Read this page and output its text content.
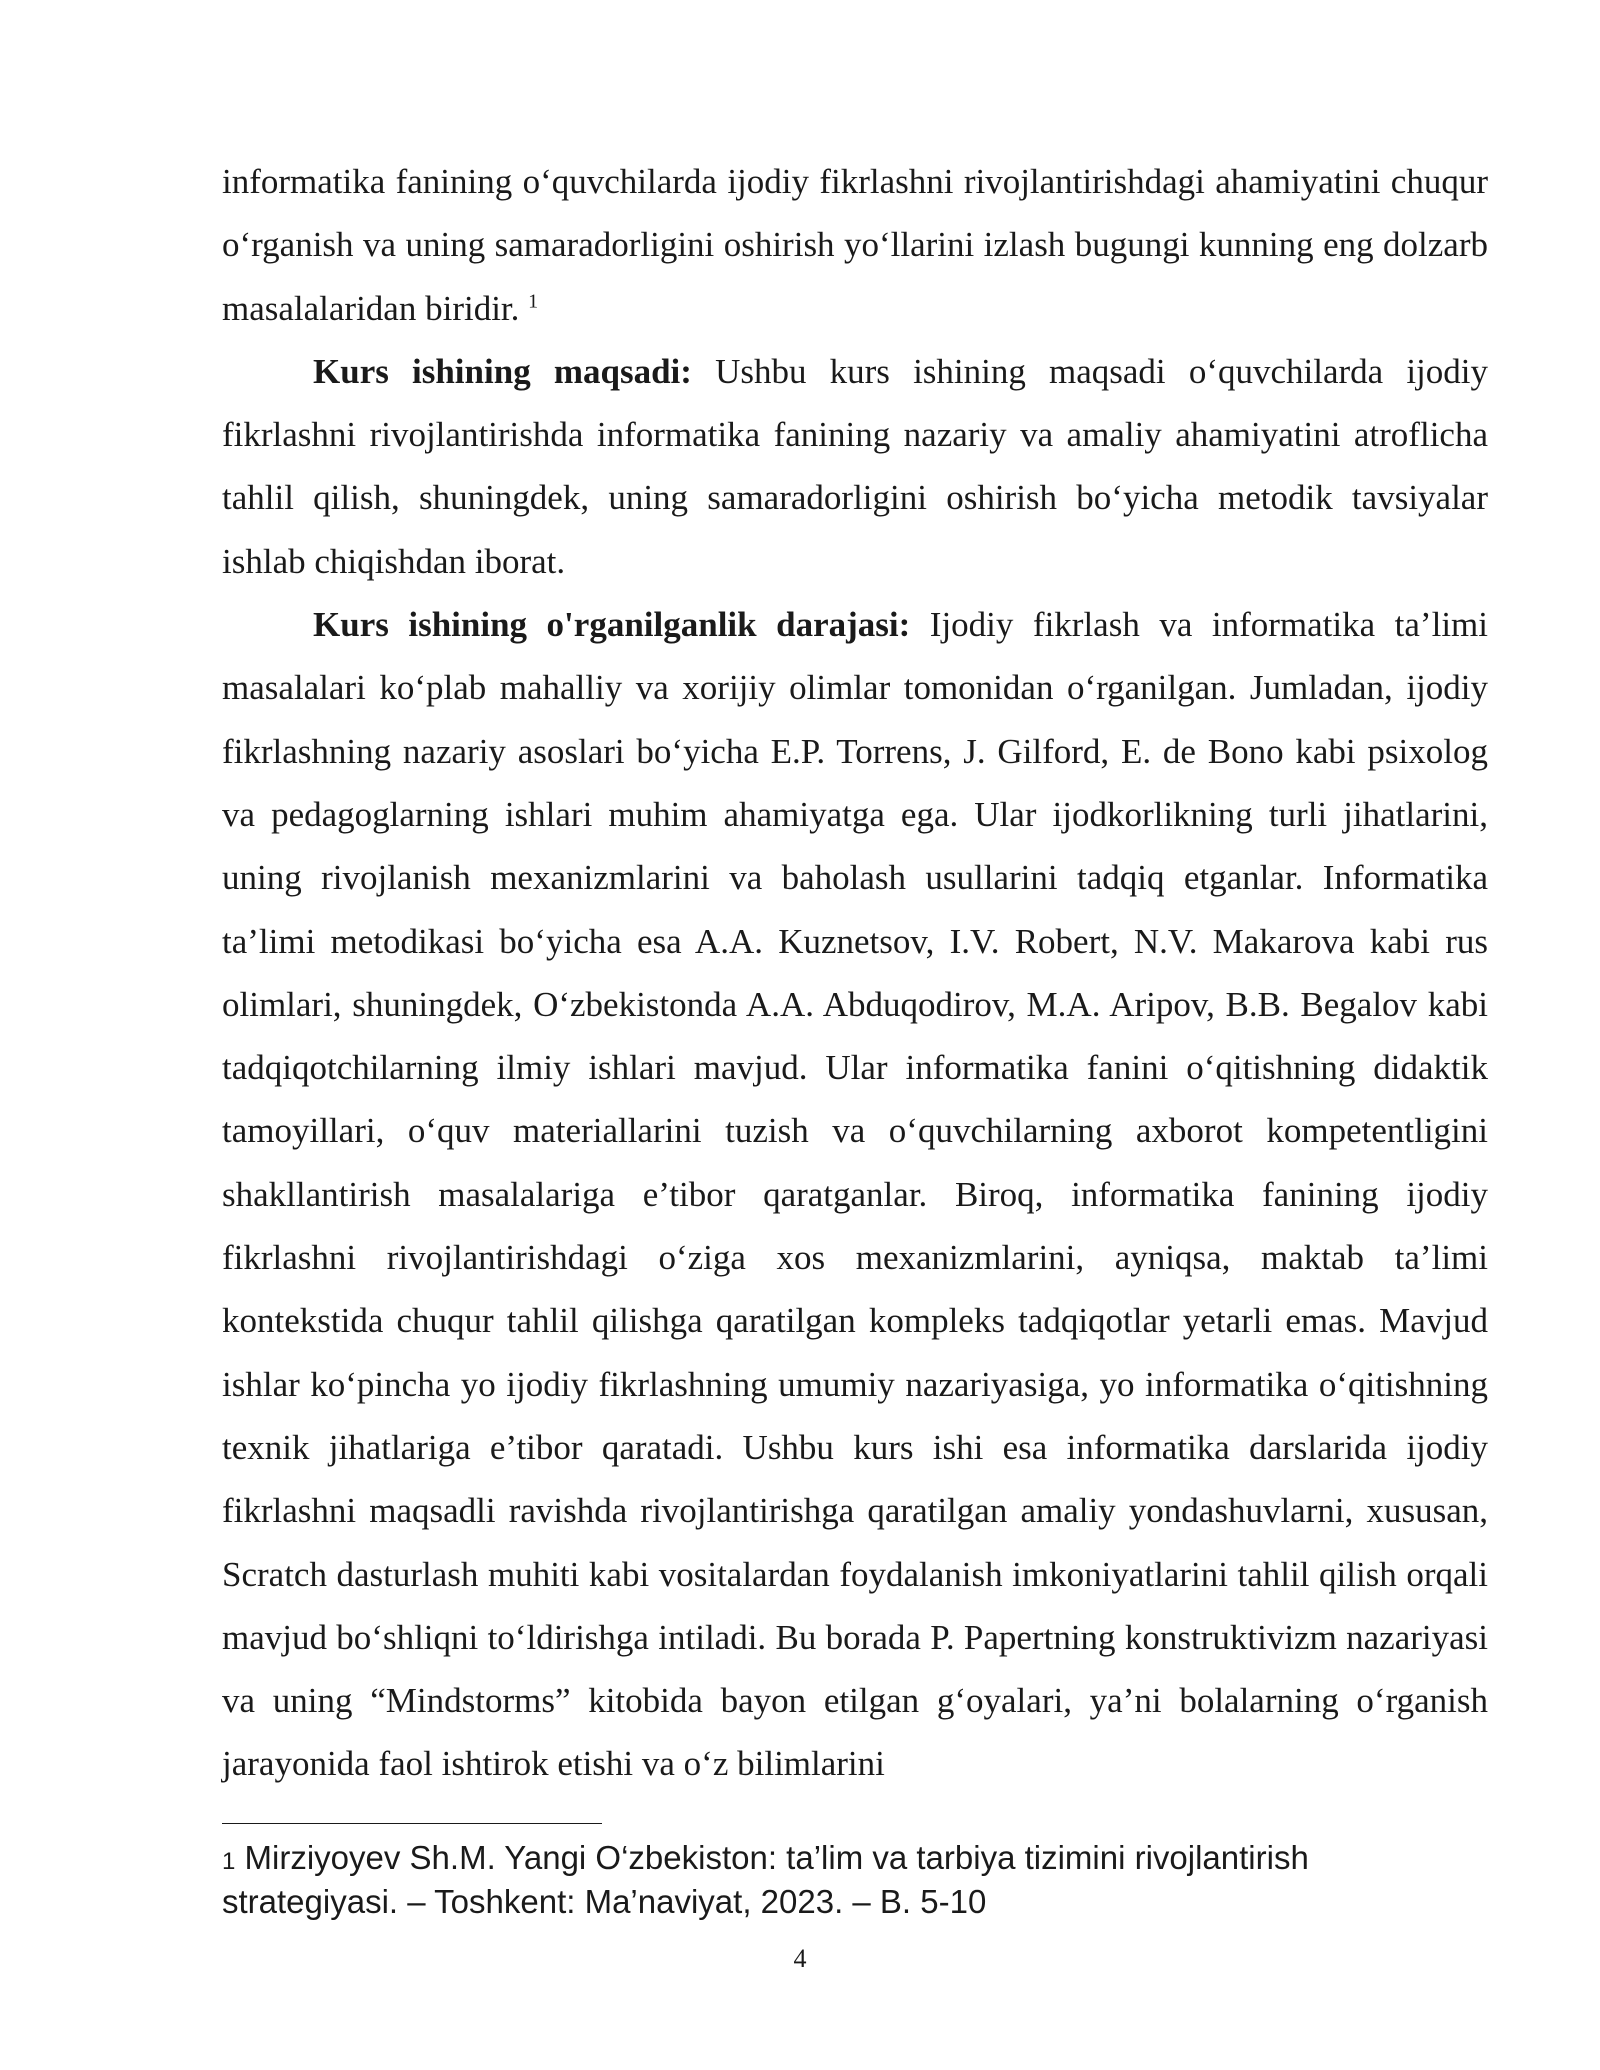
informatika fanining o‘quvchilarda ijodiy fikrlashni rivojlantirishdagi ahamiyatini chuqur o‘rganish va uning samaradorligini oshirish yo‘llarini izlash bugungi kunning eng dolzarb masalalaridan biridir. $^1$

Kurs ishining maqsadi: Ushbu kurs ishining maqsadi o‘quvchilarda ijodiy fikrlashni rivojlantirishda informatika fanining nazariy va amaliy ahamiyatini atroflicha tahlil qilish, shuningdek, uning samaradorligini oshirish bo‘yicha metodik tavsiyalar ishlab chiqishdan iborat.

Kurs ishining o'rganilganlik darajasi: Ijodiy fikrlash va informatika ta’limi masalalari ko‘plab mahalliy va xorijiy olimlar tomonidan o‘rganilgan. Jumladan, ijodiy fikrlashning nazariy asoslari bo‘yicha E.P. Torrens, J. Gilford, E. de Bono kabi psixolog va pedagoglarning ishlari muhim ahamiyatga ega. Ular ijodkorlikning turli jihatlarini, uning rivojlanish mexanizmlarini va baholash usullarini tadqiq etganlar. Informatika ta’limi metodikasi bo‘yicha esa A.A. Kuznetsov, I.V. Robert, N.V. Makarova kabi rus olimlari, shuningdek, O‘zbekistonda A.A. Abduqodirov, M.A. Aripov, B.B. Begalov kabi tadqiqotchilarning ilmiy ishlari mavjud. Ular informatika fanini o‘qitishning didaktik tamoyillari, o‘quv materiallarini tuzish va o‘quvchilarning axborot kompetentligini shakllantirish masalalariga e’tibor qaratganlar. Biroq, informatika fanining ijodiy fikrlashni rivojlantirishdagi o‘ziga xos mexanizmlarini, ayniqsa, maktab ta’limi kontekstida chuqur tahlil qilishga qaratilgan kompleks tadqiqotlar yetarli emas. Mavjud ishlar ko‘pincha yo ijodiy fikrlashning umumiy nazariyasiga, yo informatika o‘qitishning texnik jihatlariga e’tibor qaratadi. Ushbu kurs ishi esa informatika darslarida ijodiy fikrlashni maqsadli ravishda rivojlantirishga qaratilgan amaliy yondashuvlarni, xususan, Scratch dasturlash muhiti kabi vositalardan foydalanish imkoniyatlarini tahlil qilish orqali mavjud bo‘shliqni to‘ldirishga intiladi. Bu borada P. Papertning konstruktivizm nazariyasi va uning “Mindstorms” kitobida bayon etilgan g‘oyalari, ya’ni bolalarning o‘rganish jarayonida faol ishtirok etishi va o‘z bilimlarini

1 Mirziyoyev Sh.M. Yangi O‘zbekiston: ta’lim va tarbiya tizimini rivojlantirish
strategiyasi. – Toshkent: Ma’naviyat, 2023. – B. 5-10
4
